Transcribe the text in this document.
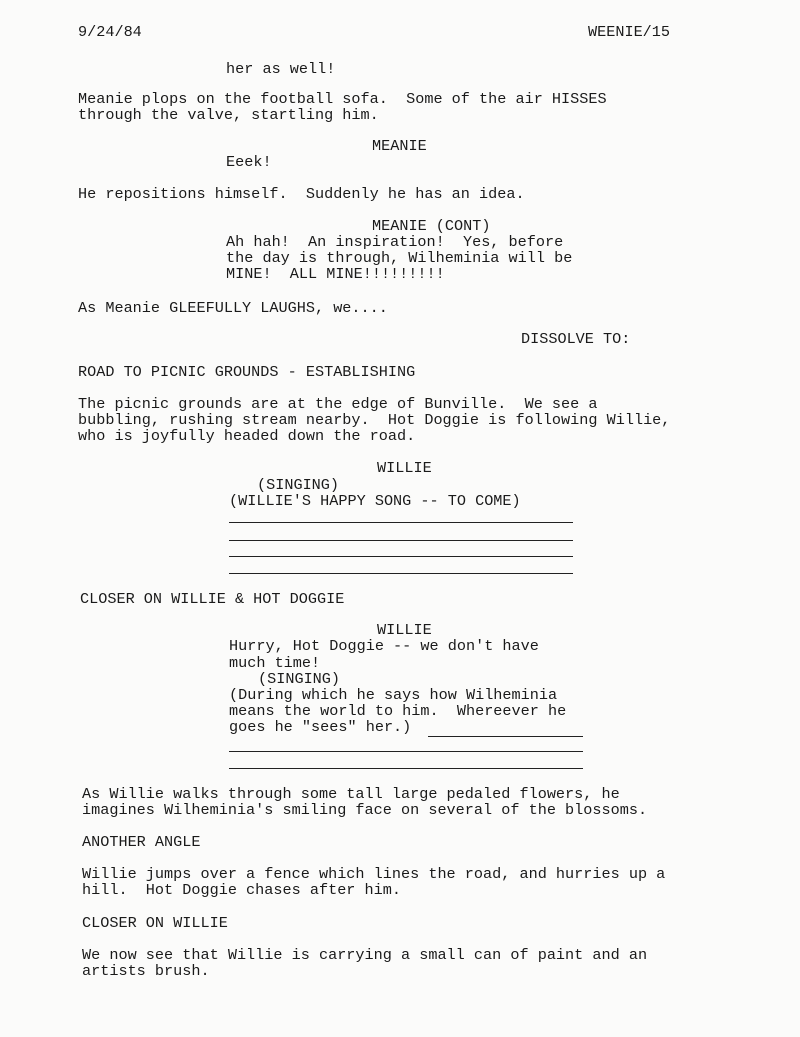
9/24/84	WEENIE/15

her as well!

Meanie plops on the football sofa.  Some of the air HISSES

through the valve, startling him.

MEANIE

Eeek!

He repositions himself.  Suddenly he has an idea.

MEANIE (CONT)

Ah hah!  An inspiration!  Yes, before

the day is through, Wilheminia will be

MINE!  ALL MINE!!!!!!!!!

As Meanie GLEEFULLY LAUGHS, we....

DISSOLVE TO:

ROAD TO PICNIC GROUNDS - ESTABLISHING

The picnic grounds are at the edge of Bunville.  We see a

bubbling, rushing stream nearby.  Hot Doggie is following Willie,

who is joyfully headed down the road.

WILLIE

(SINGING)

(WILLIE'S HAPPY SONG -- TO COME)

CLOSER ON WILLIE & HOT DOGGIE

WILLIE

Hurry, Hot Doggie -- we don't have

much time!

(SINGING)

(During which he says how Wilheminia

means the world to him.  Whereever he

goes he "sees" her.)

As Willie walks through some tall large pedaled flowers, he

imagines Wilheminia's smiling face on several of the blossoms.

ANOTHER ANGLE

Willie jumps over a fence which lines the road, and hurries up a

hill.  Hot Doggie chases after him.

CLOSER ON WILLIE

We now see that Willie is carrying a small can of paint and an

artists brush.
